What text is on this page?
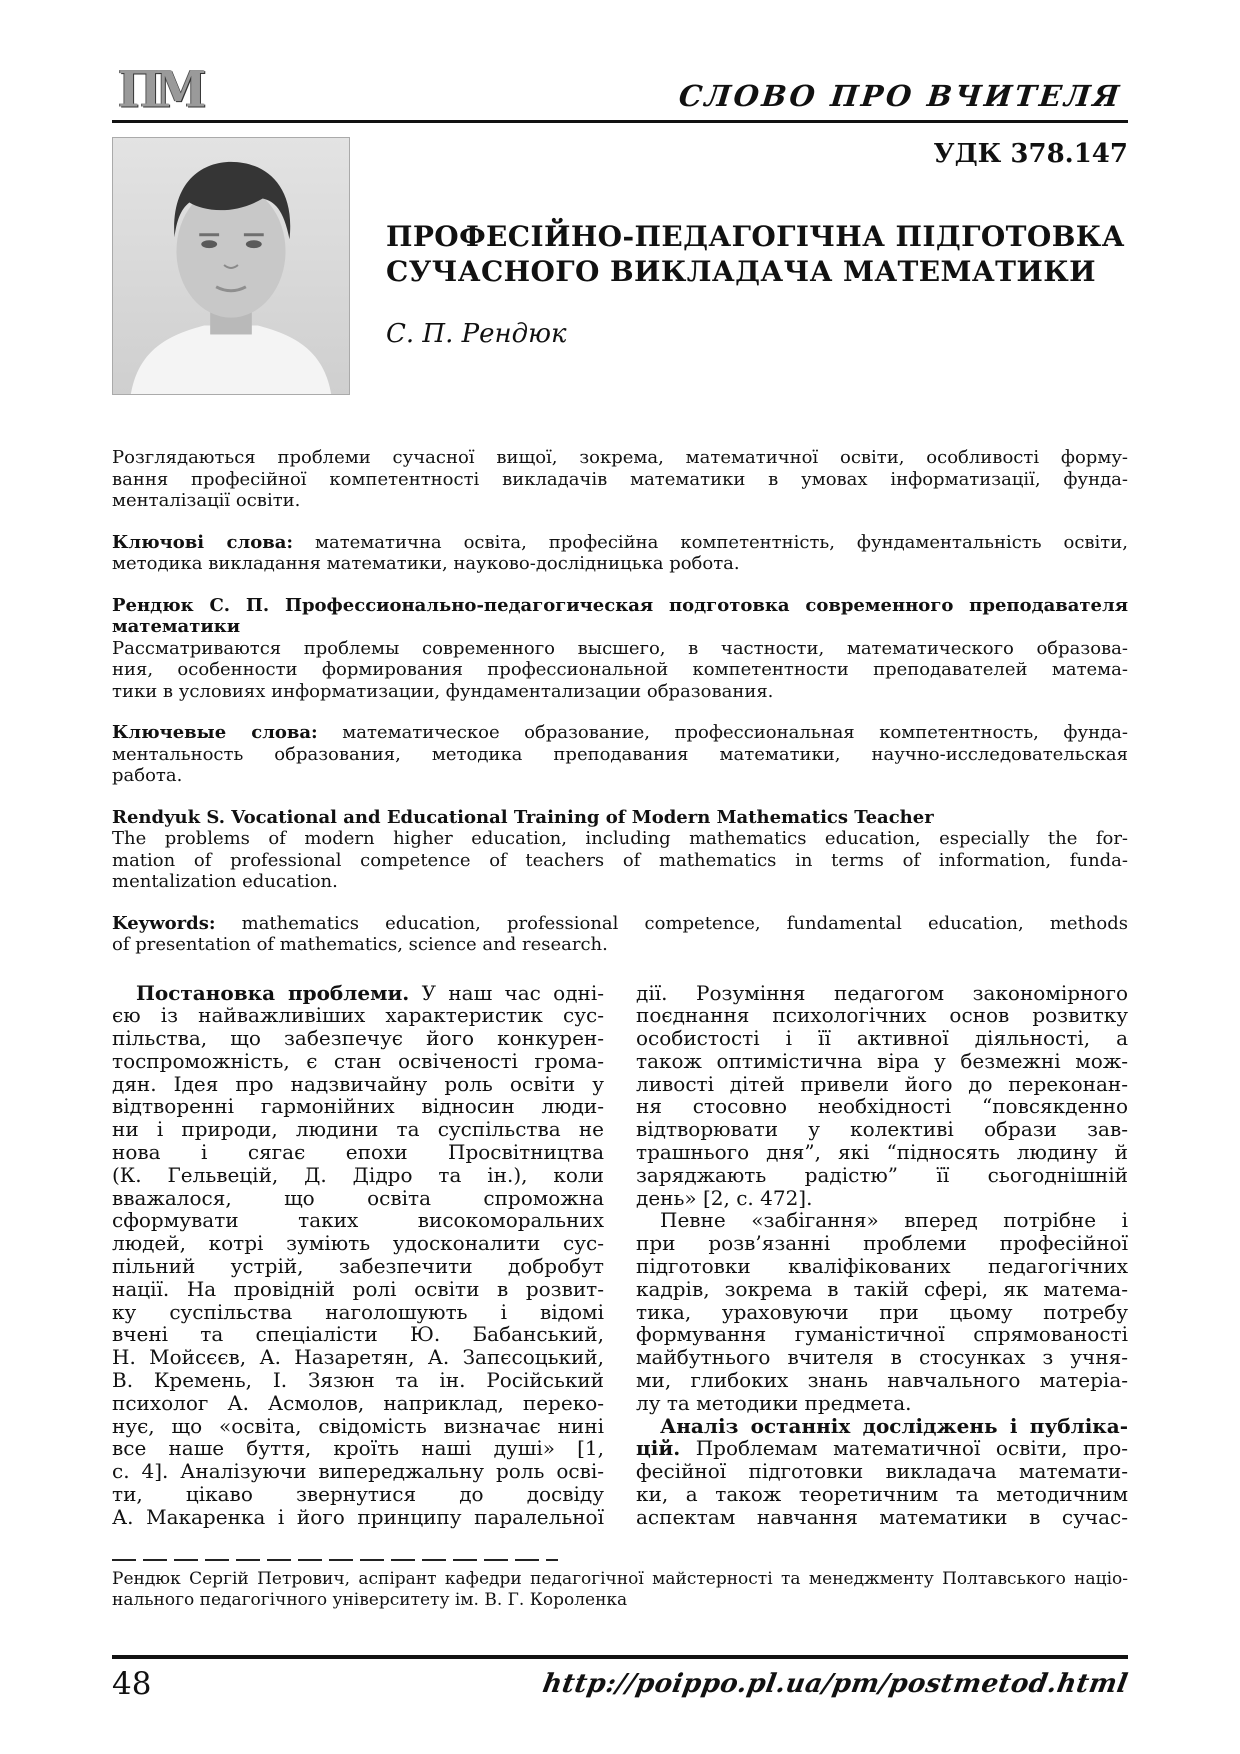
ПМ	СЛОВО ПРО ВЧИТЕЛЯ
УДК 378.147
ПРОФЕСІЙНО-ПЕДАГОГІЧНА ПІДГОТОВКА
СУЧАСНОГО ВИКЛАДАЧА МАТЕМАТИКИ
С. П. Рендюк
Розглядаються проблеми сучасної вищої, зокрема, математичної освіти, особливості форму-
вання професійної компетентності викладачів математики в умовах інформатизації, фунда-
менталізації освіти.
Ключові слова: математична освіта, професійна компетентність, фундаментальність освіти,
методика викладання математики, науково-дослідницька робота.
Рендюк С. П. Профессионально-педагогическая подготовка современного преподавателя
математики
Рассматриваются проблемы современного высшего, в частности, математического образова-
ния, особенности формирования профессиональной компетентности преподавателей матема-
тики в условиях информатизации, фундаментализации образования.
Ключевые слова: математическое образование, профессиональная компетентность, фунда-
ментальность образования, методика преподавания математики, научно-исследовательская
работа.
Rendyuk S. Vocational and Educational Training of Modern Mathematics Teacher
The problems of modern higher education, including mathematics education, especially the for-
mation of professional competence of teachers of mathematics in terms of information, funda-
mentalization education.
Keywords: mathematics education, professional competence, fundamental education, methods
of presentation of mathematics, science and research.
Постановка проблеми. У наш час одні-
єю із найважливіших характеристик сус-
пільства, що забезпечує його конкурен-
тоспроможність, є стан освіченості грома-
дян. Ідея про надзвичайну роль освіти у
відтворенні гармонійних відносин люди-
ни і природи, людини та суспільства не
нова і сягає епохи Просвітництва
(К. Гельвецій, Д. Дідро та ін.), коли
вважалося, що освіта спроможна
сформувати таких високоморальних
людей, котрі зуміють удосконалити сус-
пільний устрій, забезпечити добробут
нації. На провідній ролі освіти в розвит-
ку суспільства наголошують і відомі
вчені та спеціалісти Ю. Бабанський,
Н. Мойсєєв, А. Назаретян, А. Запєсоцький,
В. Кремень, І. Зязюн та ін. Російський
психолог А. Асмолов, наприклад, переко-
нує, що «освіта, свідомість визначає нині
все наше буття, кроїть наші душі» [1,
с. 4]. Аналізуючи випереджальну роль осві-
ти, цікаво звернутися до досвіду
А. Макаренка і його принципу паралельної
дії. Розуміння педагогом закономірного
поєднання психологічних основ розвитку
особистості і її активної діяльності, а
також оптимістична віра у безмежні мож-
ливості дітей привели його до переконан-
ня стосовно необхідності “повсякденно
відтворювати у колективі образи зав-
трашнього дня”, які “підносять людину й
заряджають радістю” її сьогоднішній
день» [2, с. 472].
Певне «забігання» вперед потрібне і
при розв’язанні проблеми професійної
підготовки кваліфікованих педагогічних
кадрів, зокрема в такій сфері, як матема-
тика, ураховуючи при цьому потребу
формування гуманістичної спрямованості
майбутнього вчителя в стосунках з учня-
ми, глибоких знань навчального матеріа-
лу та методики предмета.
Аналіз останніх досліджень і публіка-
цій. Проблемам математичної освіти, про-
фесійної підготовки викладача математи-
ки, а також теоретичним та методичним
аспектам навчання математики в сучас-
Рендюк Сергій Петрович, аспірант кафедри педагогічної майстерності та менеджменту Полтавського націо-
нального педагогічного університету ім. В. Г. Короленка
48	http://poippo.pl.ua/pm/postmetod.html
